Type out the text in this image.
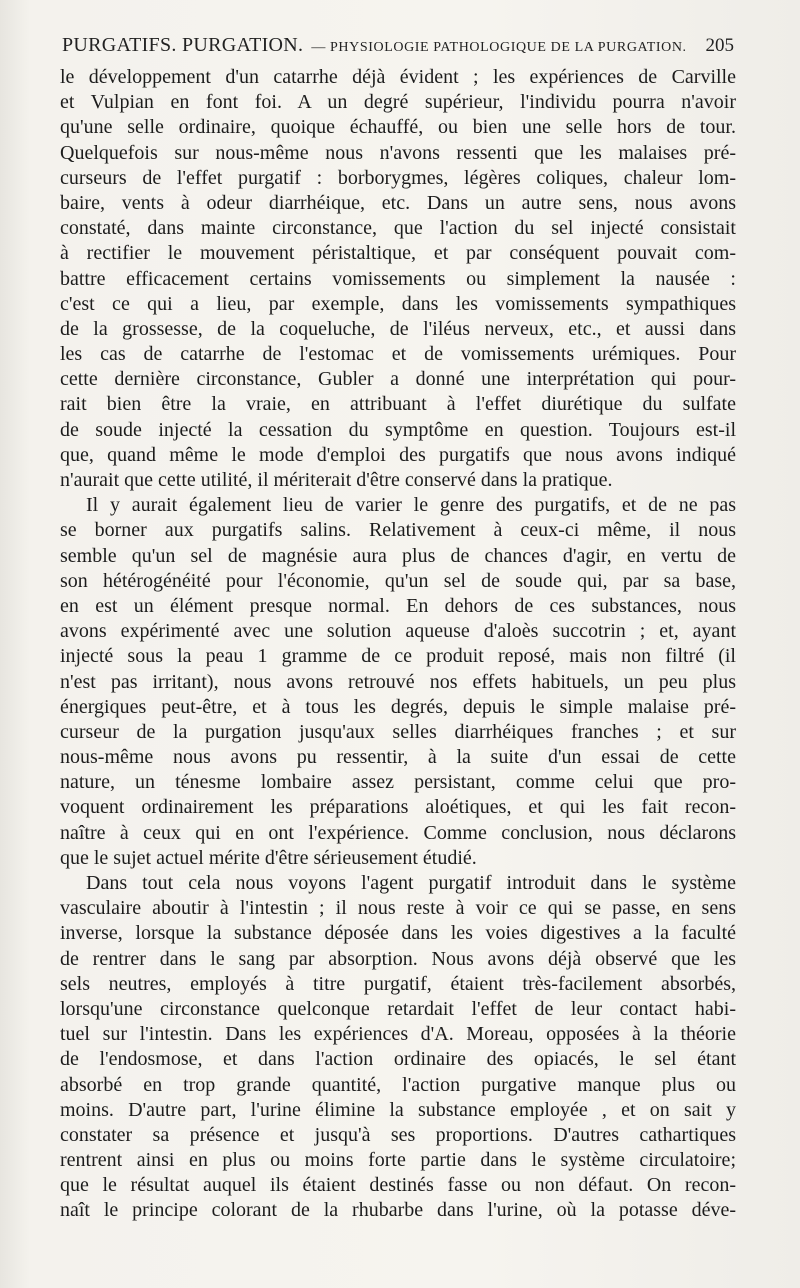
PURGATIFS. PURGATION. — PHYSIOLOGIE PATHOLOGIQUE DE LA PURGATION. 205
le développement d'un catarrhe déjà évident ; les expériences de Carville
et Vulpian en font foi. A un degré supérieur, l'individu pourra n'avoir
qu'une selle ordinaire, quoique échauffé, ou bien une selle hors de tour.
Quelquefois sur nous-même nous n'avons ressenti que les malaises pré-
curseurs de l'effet purgatif : borborygmes, légères coliques, chaleur lom-
baire, vents à odeur diarrhéique, etc. Dans un autre sens, nous avons
constaté, dans mainte circonstance, que l'action du sel injecté consistait
à rectifier le mouvement péristaltique, et par conséquent pouvait com-
battre efficacement certains vomissements ou simplement la nausée :
c'est ce qui a lieu, par exemple, dans les vomissements sympathiques
de la grossesse, de la coqueluche, de l'iléus nerveux, etc., et aussi dans
les cas de catarrhe de l'estomac et de vomissements urémiques. Pour
cette dernière circonstance, Gubler a donné une interprétation qui pour-
rait bien être la vraie, en attribuant à l'effet diurétique du sulfate
de soude injecté la cessation du symptôme en question. Toujours est-il
que, quand même le mode d'emploi des purgatifs que nous avons indiqué
n'aurait que cette utilité, il mériterait d'être conservé dans la pratique.
Il y aurait également lieu de varier le genre des purgatifs, et de ne pas
se borner aux purgatifs salins. Relativement à ceux-ci même, il nous
semble qu'un sel de magnésie aura plus de chances d'agir, en vertu de
son hétérogénéité pour l'économie, qu'un sel de soude qui, par sa base,
en est un élément presque normal. En dehors de ces substances, nous
avons expérimenté avec une solution aqueuse d'aloès succotrin ; et, ayant
injecté sous la peau 1 gramme de ce produit reposé, mais non filtré (il
n'est pas irritant), nous avons retrouvé nos effets habituels, un peu plus
énergiques peut-être, et à tous les degrés, depuis le simple malaise pré-
curseur de la purgation jusqu'aux selles diarrhéiques franches ; et sur
nous-même nous avons pu ressentir, à la suite d'un essai de cette
nature, un ténesme lombaire assez persistant, comme celui que pro-
voquent ordinairement les préparations aloétiques, et qui les fait recon-
naître à ceux qui en ont l'expérience. Comme conclusion, nous déclarons
que le sujet actuel mérite d'être sérieusement étudié.
Dans tout cela nous voyons l'agent purgatif introduit dans le système
vasculaire aboutir à l'intestin ; il nous reste à voir ce qui se passe, en sens
inverse, lorsque la substance déposée dans les voies digestives a la faculté
de rentrer dans le sang par absorption. Nous avons déjà observé que les
sels neutres, employés à titre purgatif, étaient très-facilement absorbés,
lorsqu'une circonstance quelconque retardait l'effet de leur contact habi-
tuel sur l'intestin. Dans les expériences d'A. Moreau, opposées à la théorie
de l'endosmose, et dans l'action ordinaire des opiacés, le sel étant
absorbé en trop grande quantité, l'action purgative manque plus ou
moins. D'autre part, l'urine élimine la substance employée , et on sait y
constater sa présence et jusqu'à ses proportions. D'autres cathartiques
rentrent ainsi en plus ou moins forte partie dans le système circulatoire;
que le résultat auquel ils étaient destinés fasse ou non défaut. On recon-
naît le principe colorant de la rhubarbe dans l'urine, où la potasse déve-
